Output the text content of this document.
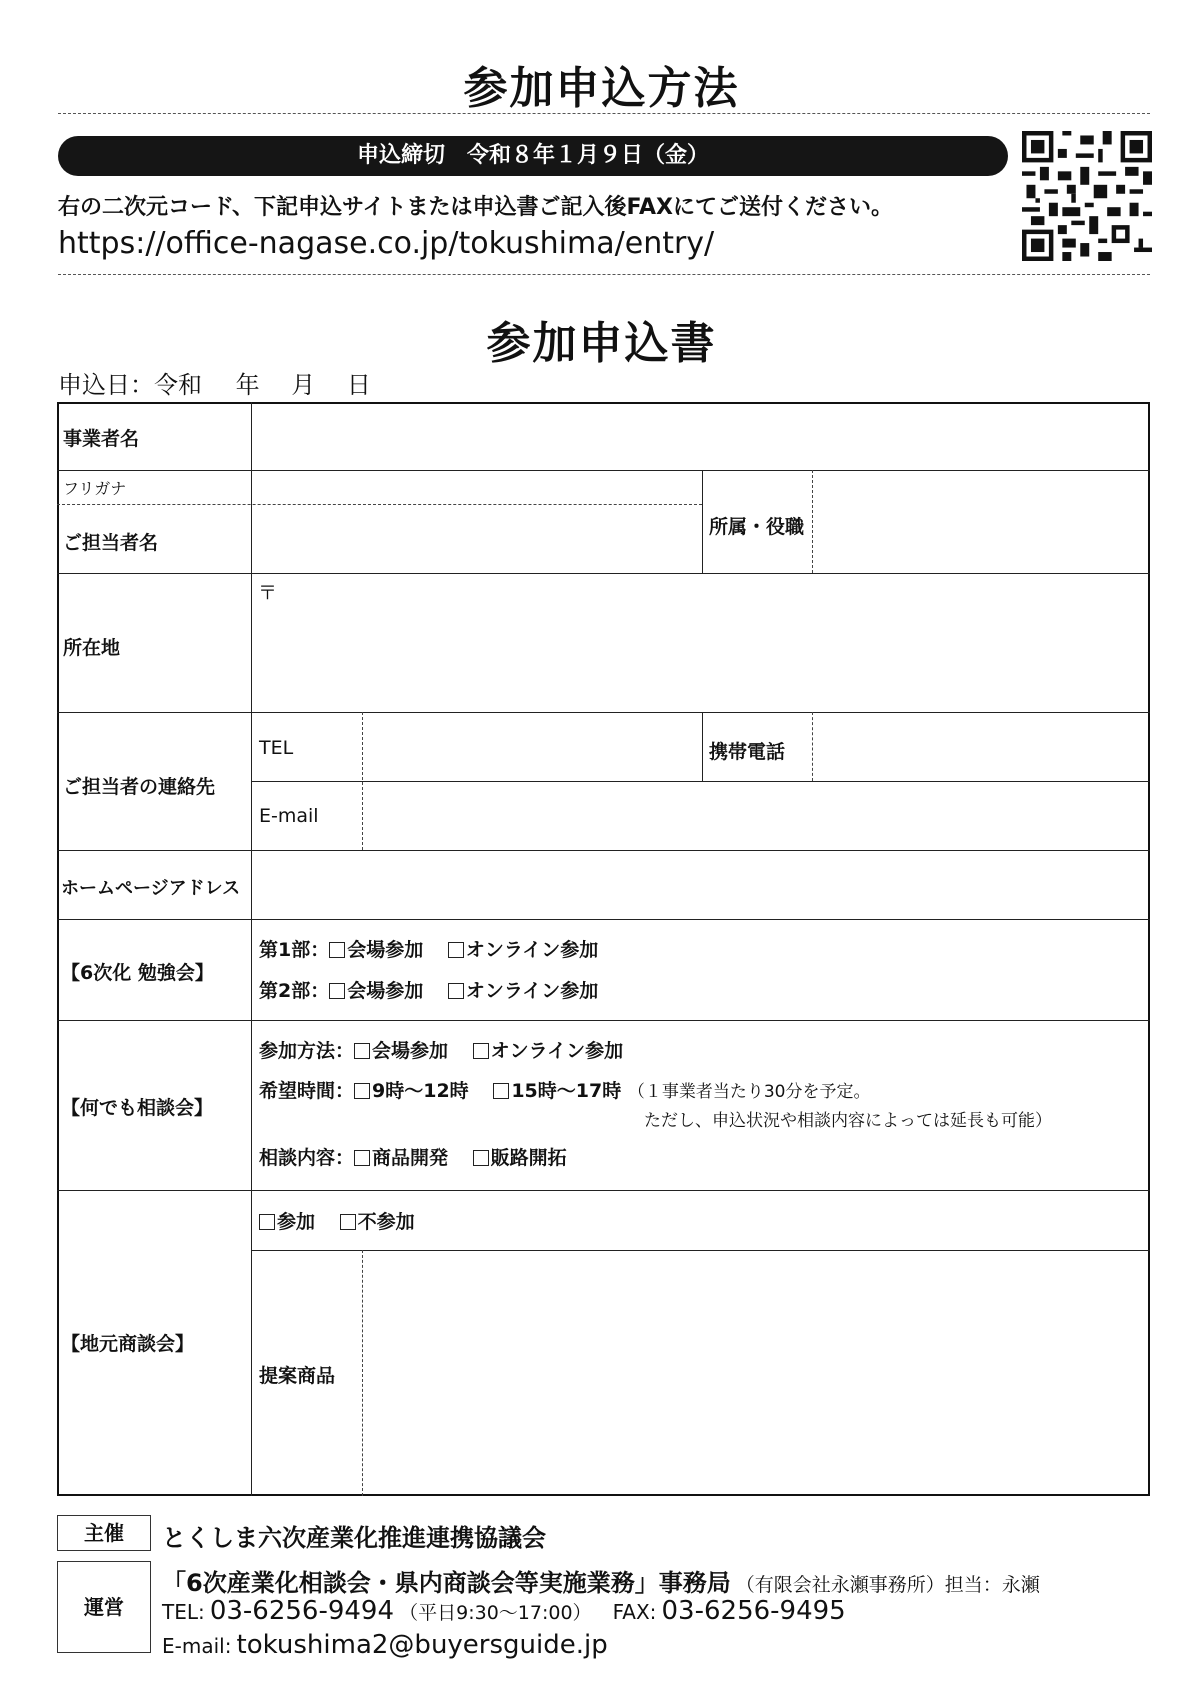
参加申込方法
申込締切　令和８年１月９日（金）
右の二次元コード、下記申込サイトまたは申込書ご記入後FAXにてご送付ください。
https://office-nagase.co.jp/tokushima/entry/
参加申込書
申込日：令和 年 月 日
事業者名
フリガナ
ご担当者名
所属・役職
〒
所在地
ご担当者の連絡先
TEL	携帯電話
E-mail
ホームページアドレス
【6次化 勉強会】
第1部： 会場参加 オンライン参加
第2部： 会場参加 オンライン参加
【何でも相談会】
参加方法： 会場参加 オンライン参加
希望時間： 9時～12時 15時～17時 （１事業者当たり30分を予定。
ただし、申込状況や相談内容によっては延長も可能）
相談内容： 商品開発 販路開拓
【地元商談会】
参加 不参加
提案商品
主催	とくしま六次産業化推進連携協議会
運営
「6次産業化相談会・県内商談会等実施業務」事務局 （有限会社永瀬事務所）担当：永瀬
TEL: 03-6256-9494 （平日9:30～17:00） FAX: 03-6256-9495
E-mail: tokushima2@buyersguide.jp
